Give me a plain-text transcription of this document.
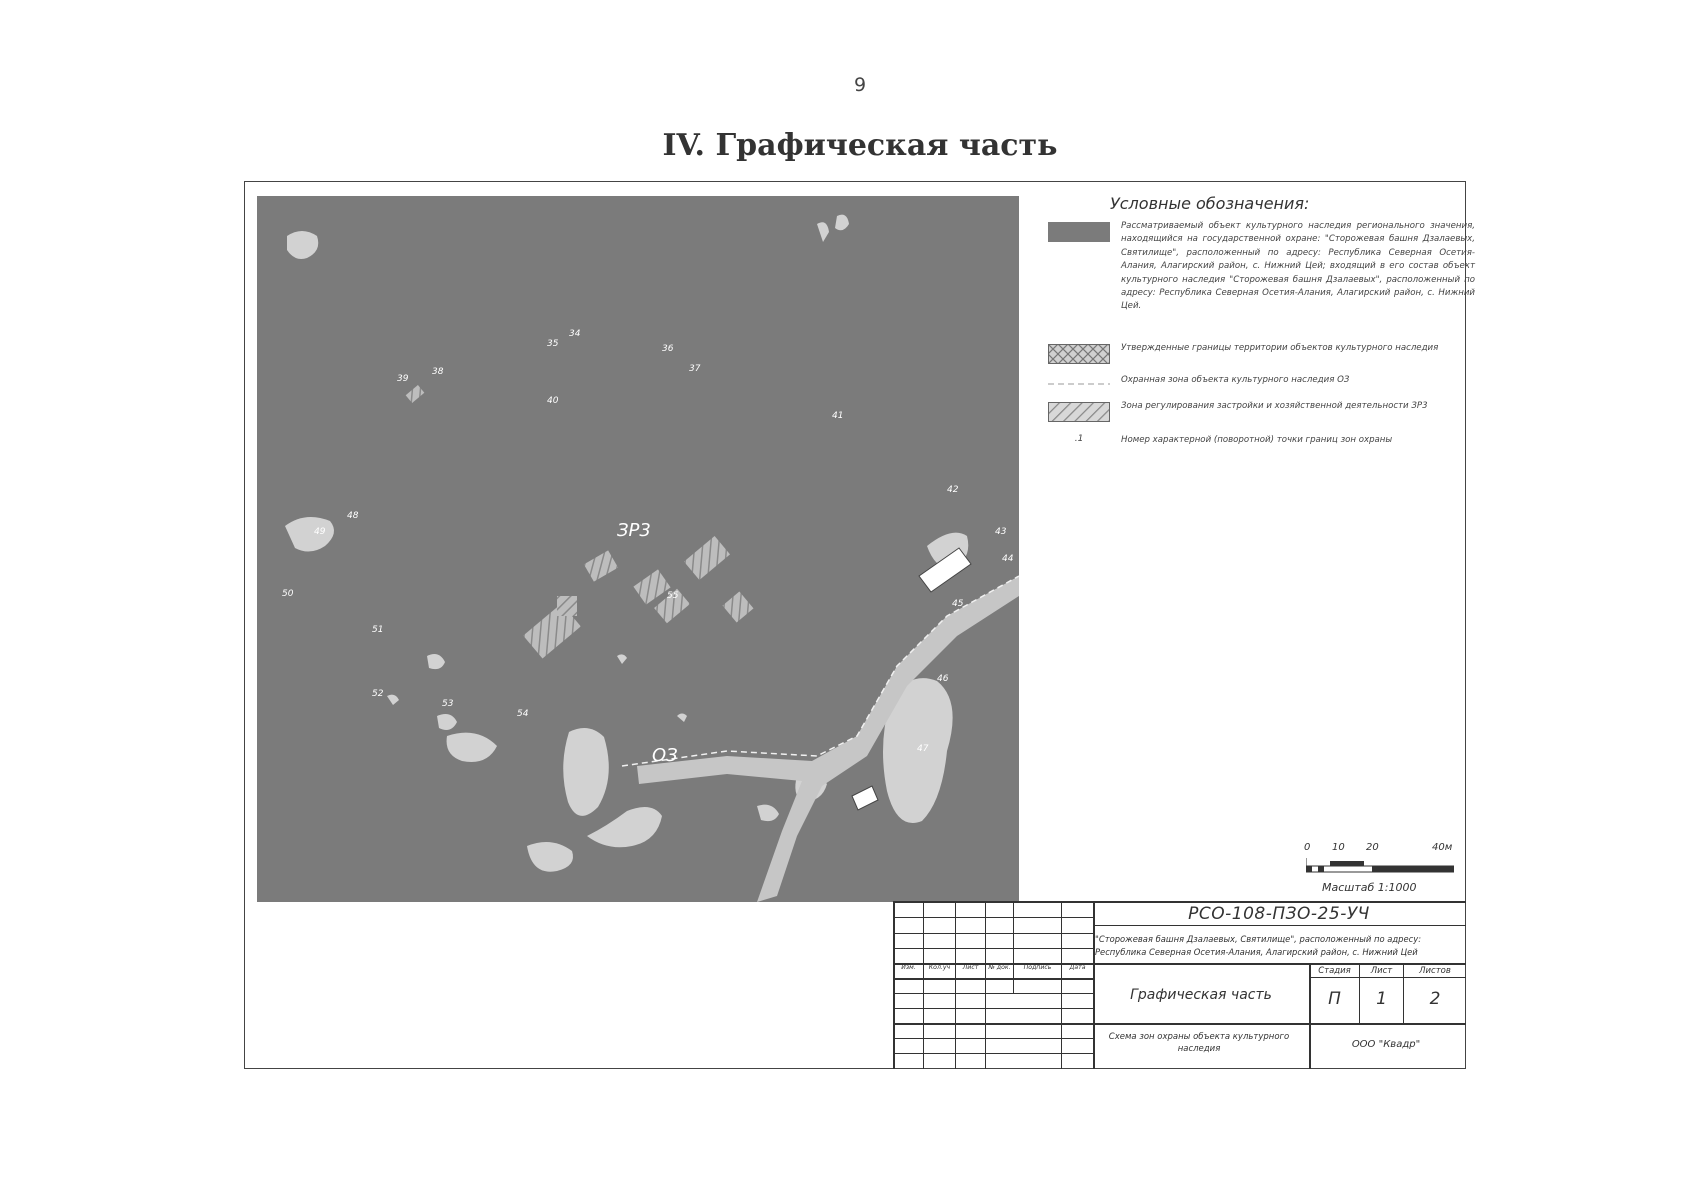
9
IV. Графическая часть
ЗР3
ОЗ
34
35	36
37
38
39
40
41
42
43
44
45
46
47
48
49
50
51
52
53
54
55
Условные обозначения:
Рассматриваемый объект культурного наследия регионального значения, находящийся на государственной охране: "Сторожевая башня Дзалаевых, Святилище", расположенный по адресу: Республика Северная Осетия-Алания, Алагирский район, с. Нижний Цей; входящий в его состав объект культурного наследия "Сторожевая башня Дзалаевых", расположенный по адресу: Республика Северная Осетия-Алания, Алагирский район, с. Нижний Цей.
Утвержденные границы территории объектов культурного наследия
Охранная зона объекта культурного наследия ОЗ
Зона регулирования застройки и хозяйственной деятельности ЗР3
.1	Номер характерной (поворотной) точки границ зон охраны
0 10 20	40м
Масштаб 1:1000
Изм.	Кол.уч	Лист	№ док.	Подпись	Дата
РСО-108-ПЗО-25-УЧ
"Сторожевая башня Дзалаевых, Святилище", расположенный по адресу: Республика Северная Осетия-Алания, Алагирский район, с. Нижний Цей
Графическая часть
Стадия	Лист	Листов
П	1	2
Схема зон охраны объекта культурного наследия	ООО "Квадр"
